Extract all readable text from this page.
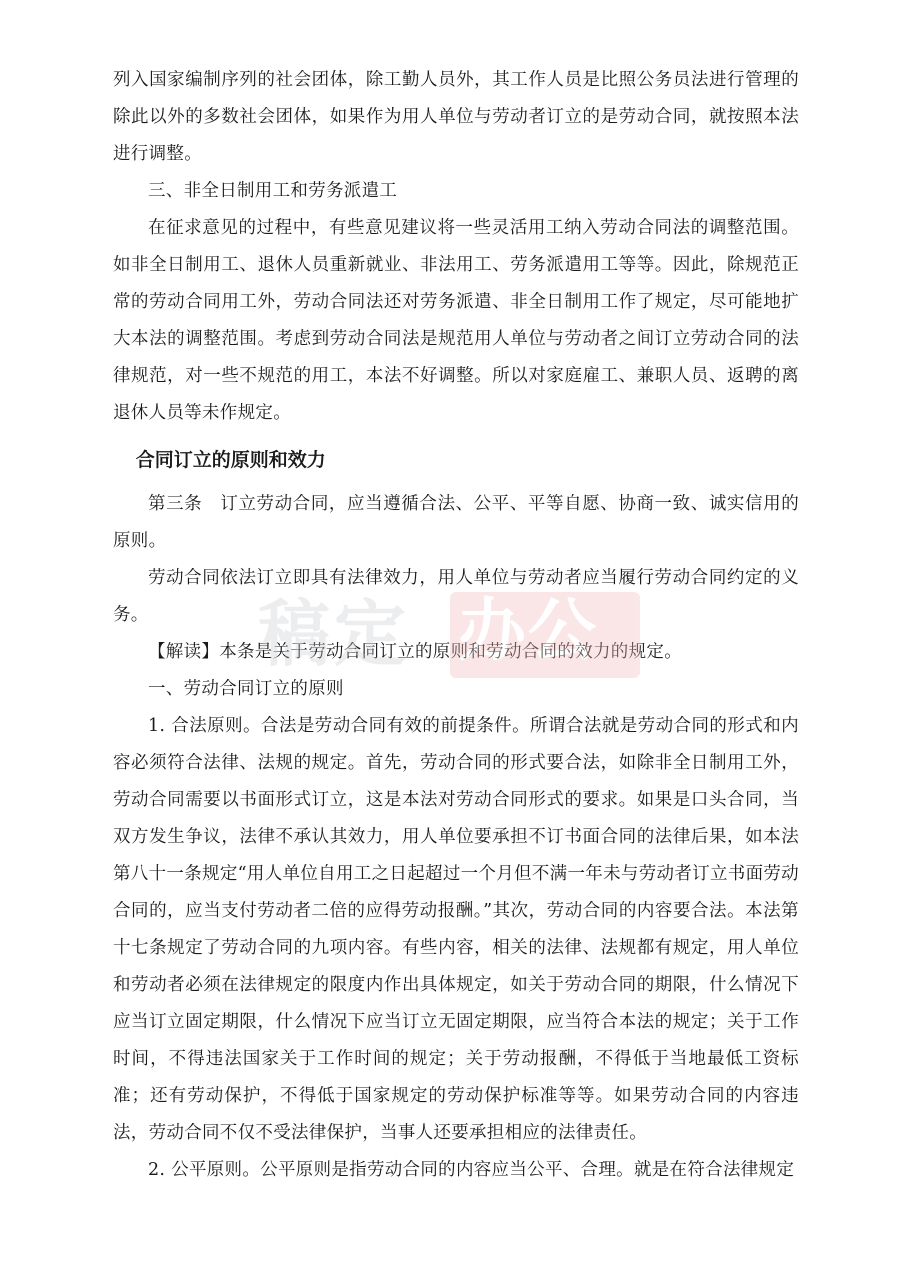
列入国家编制序列的社会团体，除工勤人员外，其工作人员是比照公务员法进行管理的除此以外的多数社会团体，如果作为用人单位与劳动者订立的是劳动合同，就按照本法进行调整。

三、非全日制用工和劳务派遣工

在征求意见的过程中，有些意见建议将一些灵活用工纳入劳动合同法的调整范围。如非全日制用工、退休人员重新就业、非法用工、劳务派遣用工等等。因此，除规范正常的劳动合同用工外，劳动合同法还对劳务派遣、非全日制用工作了规定，尽可能地扩大本法的调整范围。考虑到劳动合同法是规范用人单位与劳动者之间订立劳动合同的法律规范，对一些不规范的用工，本法不好调整。所以对家庭雇工、兼职人员、返聘的离退休人员等未作规定。

合同订立的原则和效力

第三条　订立劳动合同，应当遵循合法、公平、平等自愿、协商一致、诚实信用的原则。

劳动合同依法订立即具有法律效力，用人单位与劳动者应当履行劳动合同约定的义务。

【解读】本条是关于劳动合同订立的原则和劳动合同的效力的规定。

一、劳动合同订立的原则

1. 合法原则。合法是劳动合同有效的前提条件。所谓合法就是劳动合同的形式和内容必须符合法律、法规的规定。首先，劳动合同的形式要合法，如除非全日制用工外，劳动合同需要以书面形式订立，这是本法对劳动合同形式的要求。如果是口头合同，当双方发生争议，法律不承认其效力，用人单位要承担不订书面合同的法律后果，如本法第八十一条规定“用人单位自用工之日起超过一个月但不满一年未与劳动者订立书面劳动合同的，应当支付劳动者二倍的应得劳动报酬。”其次，劳动合同的内容要合法。本法第十七条规定了劳动合同的九项内容。有些内容，相关的法律、法规都有规定，用人单位和劳动者必须在法律规定的限度内作出具体规定，如关于劳动合同的期限，什么情况下应当订立固定期限，什么情况下应当订立无固定期限，应当符合本法的规定；关于工作时间，不得违法国家关于工作时间的规定；关于劳动报酬，不得低于当地最低工资标准；还有劳动保护，不得低于国家规定的劳动保护标准等等。如果劳动合同的内容违法，劳动合同不仅不受法律保护，当事人还要承担相应的法律责任。

2. 公平原则。公平原则是指劳动合同的内容应当公平、合理。就是在符合法律规定

稿定 办公
